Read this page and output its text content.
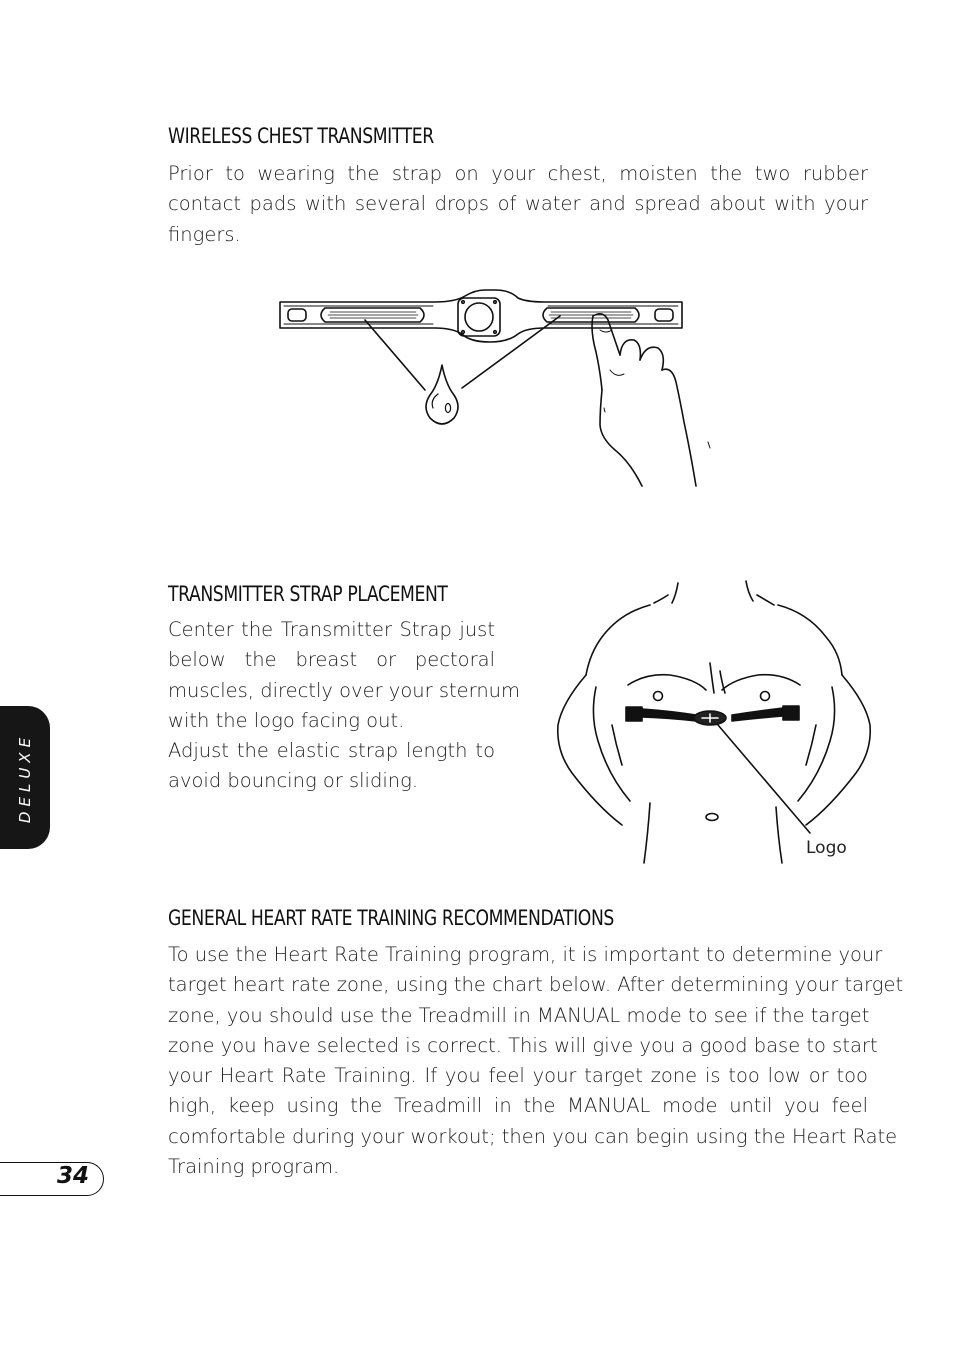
WIRELESS CHEST TRANSMITTER

Prior to wearing the strap on your chest, moisten the two rubber
contact pads with several drops of water and spread about with your
fingers.

TRANSMITTER STRAP PLACEMENT

Center the Transmitter Strap just
below the breast or pectoral
muscles, directly over your sternum
with the logo facing out.
Adjust the elastic strap length to
avoid bouncing or sliding.

Logo

GENERAL HEART RATE TRAINING RECOMMENDATIONS

To use the Heart Rate Training program, it is important to determine your
target heart rate zone, using the chart below. After determining your target
zone, you should use the Treadmill in MANUAL mode to see if the target
zone you have selected is correct. This will give you a good base to start
your Heart Rate Training. If you feel your target zone is too low or too
high, keep using the Treadmill in the MANUAL mode until you feel
comfortable during your workout; then you can begin using the Heart Rate
Training program.

DELUXE
34
